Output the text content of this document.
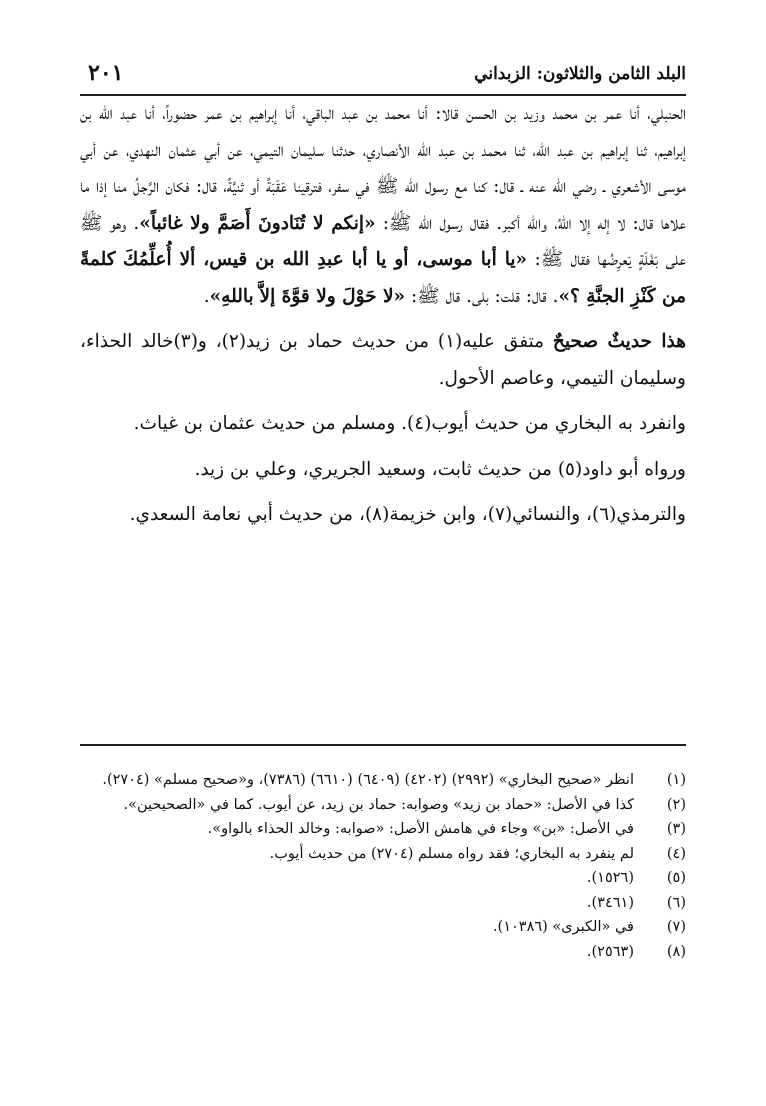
البلد الثامن والثلاثون: الزبداني
٢٠١

الحنبلي، أنا عمر بن محمد وزيد بن الحسن قالا: أنا محمد بن عبد الباقي، أنا إبراهيم بن عمر حضوراً، أنا عبد الله بن إبراهيم، ثنا إبراهيم بن عبد الله، ثنا محمد بن عبد الله الأنصاري، حدثنا سليمان التيمي، عن أبي عثمان النهدي، عن أبي موسى الأشعري ـ رضي الله عنه ـ قال: كنا مع رسول الله ﷺ في سفر، فترقينا عَقَبَةً أو ثنيَّةً، قال: فكان الرَّجلُ منا إذا ما علاها قال: لا إله إلا اللهُ، والله أكبر. فقال رسول الله ﷺ: «إنكم لا تُنَادونَ أَصَمَّ ولا غائباً». وهو ﷺ على بَغْلَةٍ يَعرِضُها فقال ﷺ: «يا أبا موسى، أو يا أبا عبدِ الله بن قيس، ألا أُعلِّمُكَ كلمةً من كَنْزِ الجنَّةِ ؟». قال: قلت: بلى. قال ﷺ: «لا حَوْلَ ولا قوَّةَ إلاَّ باللهِ».

هذا حديثٌ صحيحٌ متفق عليه(١) من حديث حماد بن زيد(٢)، و(٣)خالد الحذاء، وسليمان التيمي، وعاصم الأحول.

وانفرد به البخاري من حديث أيوب(٤). ومسلم من حديث عثمان بن غياث.

ورواه أبو داود(٥) من حديث ثابت، وسعيد الجريري، وعلي بن زيد.

والترمذي(٦)، والنسائي(٧)، وابن خزيمة(٨)، من حديث أبي نعامة السعدي.

(١)
انظر «صحيح البخاري» (٢٩٩٢) (٤٢٠٢) (٦٤٠٩) (٦٦١٠) (٧٣٨٦)، و«صحيح مسلم» (٢٧٠٤).
(٢)
كذا في الأصل: «حماد بن زيد» وصوابه: حماد بن زيد، عن أيوب. كما في «الصحيحين».
(٣)
في الأصل: «بن» وجاء في هامش الأصل: «صوابه: وخالد الحذاء بالواو».
(٤)
لم ينفرد به البخاري؛ فقد رواه مسلم (٢٧٠٤) من حديث أيوب.
(٥)
(١٥٢٦).
(٦)
(٣٤٦١).
(٧)
في «الكبرى» (١٠٣٨٦).
(٨)
(٢٥٦٣).
